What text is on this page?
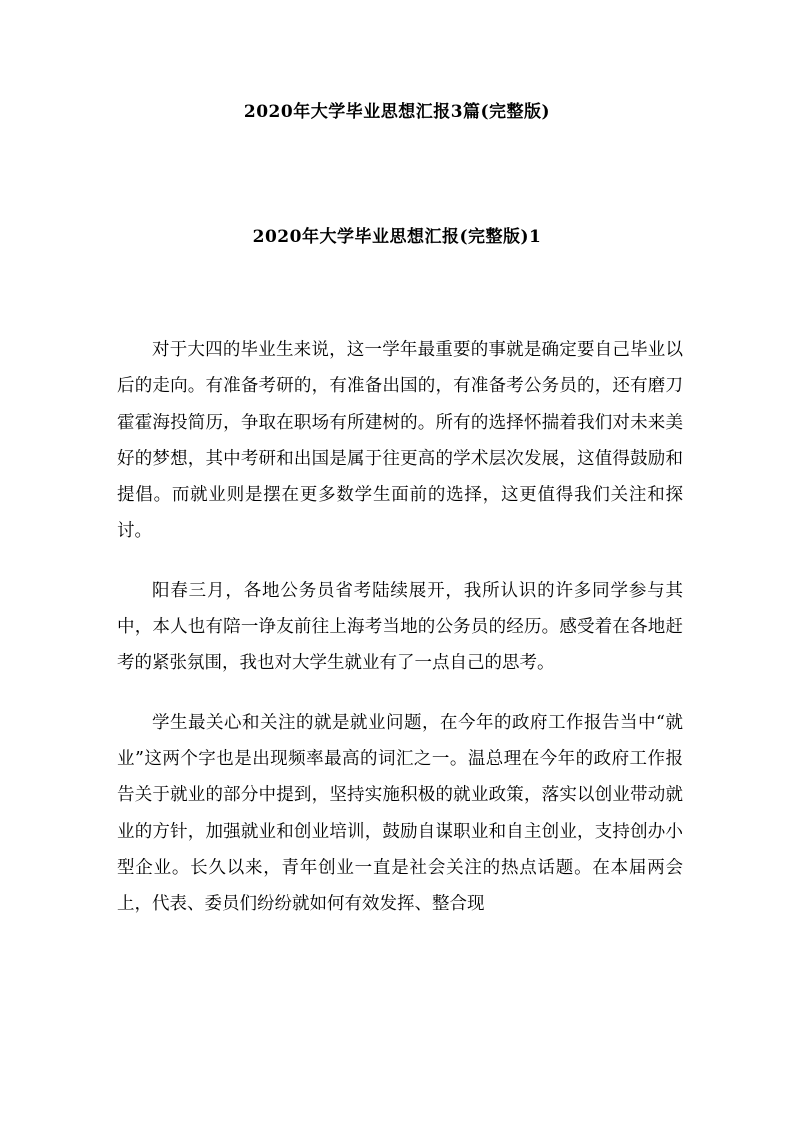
2020年大学毕业思想汇报3篇(完整版)
2020年大学毕业思想汇报(完整版)1

对于大四的毕业生来说，这一学年最重要的事就是确定要自己毕业以后的走向。有准备考研的，有准备出国的，有准备考公务员的，还有磨刀霍霍海投简历，争取在职场有所建树的。所有的选择怀揣着我们对未来美好的梦想，其中考研和出国是属于往更高的学术层次发展，这值得鼓励和提倡。而就业则是摆在更多数学生面前的选择，这更值得我们关注和探讨。

阳春三月，各地公务员省考陆续展开，我所认识的许多同学参与其中，本人也有陪一诤友前往上海考当地的公务员的经历。感受着在各地赶考的紧张氛围，我也对大学生就业有了一点自己的思考。

学生最关心和关注的就是就业问题，在今年的政府工作报告当中“就业”这两个字也是出现频率最高的词汇之一。温总理在今年的政府工作报告关于就业的部分中提到，坚持实施积极的就业政策，落实以创业带动就业的方针，加强就业和创业培训，鼓励自谋职业和自主创业，支持创办小型企业。长久以来，青年创业一直是社会关注的热点话题。在本届两会上，代表、委员们纷纷就如何有效发挥、整合现
